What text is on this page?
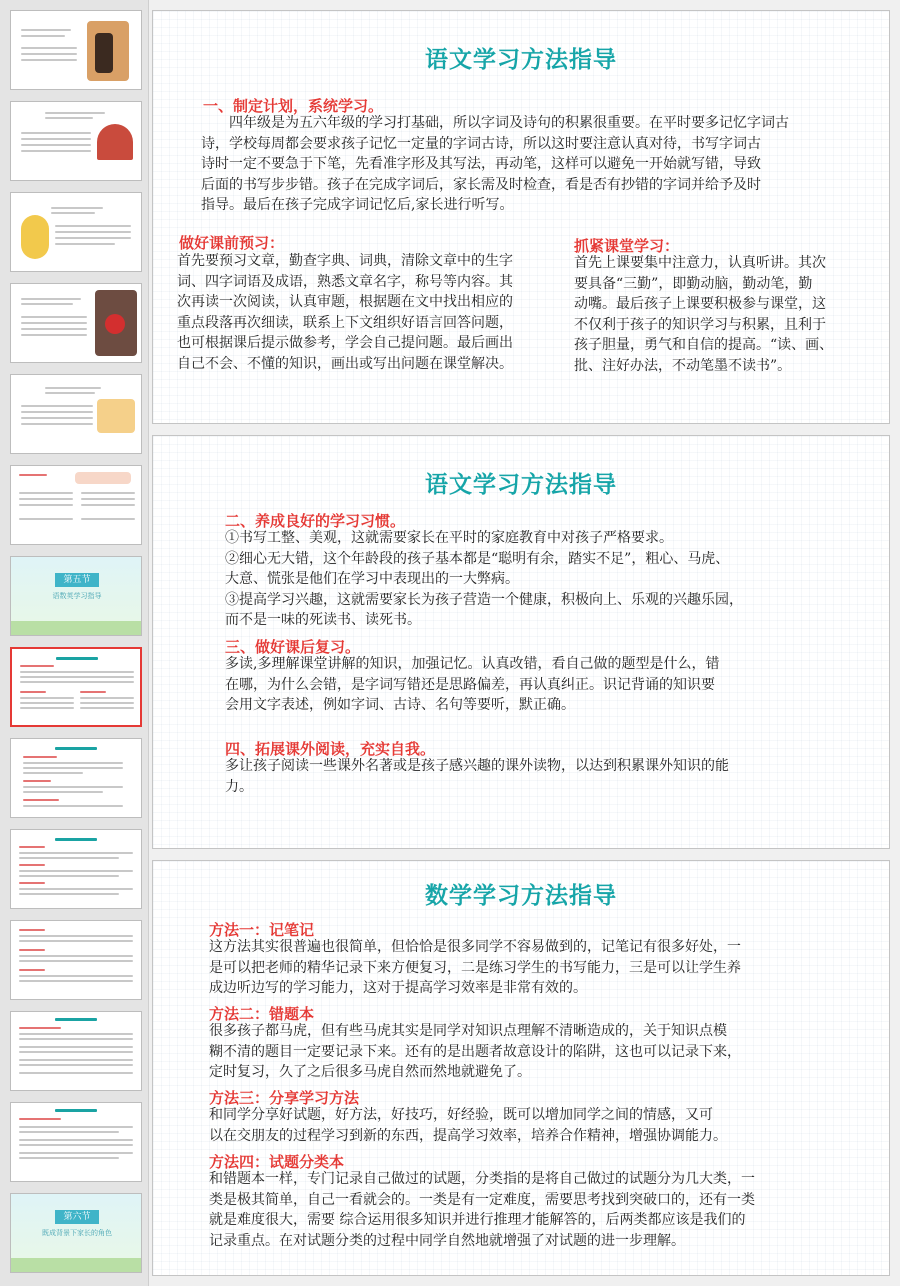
第五节
语数英学习指导
第六节
既成背景下家长的角色
语文学习方法指导
一、制定计划，系统学习。
四年级是为五六年级的学习打基础，所以字词及诗句的积累很重要。在平时要多记忆字词古
诗，学校每周都会要求孩子记忆一定量的字词古诗，所以这时要注意认真对待，书写字词古
诗时一定不要急于下笔，先看准字形及其写法，再动笔，这样可以避免一开始就写错，导致
后面的书写步步错。孩子在完成字词后，家长需及时检查，看是否有抄错的字词并给予及时
指导。最后在孩子完成字词记忆后,家长进行听写。
做好课前预习：
首先要预习文章，勤查字典、词典，清除文章中的生字
词、四字词语及成语，熟悉文章名字，称号等内容。其
次再读一次阅读，认真审题，根据题在文中找出相应的
重点段落再次细读，联系上下文组织好语言回答问题，
也可根据课后提示做参考，学会自己提问题。最后画出
自己不会、不懂的知识，画出或写出问题在课堂解决。
抓紧课堂学习：
首先上课要集中注意力，认真听讲。其次
要具备“三勤”，即勤动脑，勤动笔，勤
动嘴。最后孩子上课要积极参与课堂，这
不仅利于孩子的知识学习与积累，且利于
孩子胆量，勇气和自信的提高。“读、画、
批、注好办法，不动笔墨不读书”。
语文学习方法指导
二、养成良好的学习习惯。
①书写工整、美观，这就需要家长在平时的家庭教育中对孩子严格要求。
②细心无大错，这个年龄段的孩子基本都是“聪明有余，踏实不足”，粗心、马虎、
大意、慌张是他们在学习中表现出的一大弊病。
③提高学习兴趣，这就需要家长为孩子营造一个健康，积极向上、乐观的兴趣乐园，
而不是一味的死读书、读死书。
三、做好课后复习。
多读,多理解课堂讲解的知识，加强记忆。认真改错，看自己做的题型是什么，错
在哪，为什么会错，是字词写错还是思路偏差，再认真纠正。识记背诵的知识要
会用文字表述，例如字词、古诗、名句等要听，默正确。
四、拓展课外阅读，充实自我。
多让孩子阅读一些课外名著或是孩子感兴趣的课外读物，以达到积累课外知识的能
力。
数学学习方法指导
方法一：记笔记
这方法其实很普遍也很简单，但恰恰是很多同学不容易做到的，记笔记有很多好处，一
是可以把老师的精华记录下来方便复习，二是练习学生的书写能力，三是可以让学生养
成边听边写的学习能力，这对于提高学习效率是非常有效的。
方法二：错题本
很多孩子都马虎，但有些马虎其实是同学对知识点理解不清晰造成的，关于知识点模
糊不清的题目一定要记录下来。还有的是出题者故意设计的陷阱，这也可以记录下来，
定时复习，久了之后很多马虎自然而然地就避免了。
方法三：分享学习方法
和同学分享好试题，好方法，好技巧，好经验，既可以增加同学之间的情感，又可
以在交朋友的过程学习到新的东西，提高学习效率，培养合作精神，增强协调能力。
方法四：试题分类本
和错题本一样，专门记录自己做过的试题，分类指的是将自己做过的试题分为几大类，一
类是极其简单，自己一看就会的。一类是有一定难度，需要思考找到突破口的，还有一类
就是难度很大，需要 综合运用很多知识并进行推理才能解答的，后两类都应该是我们的
记录重点。在对试题分类的过程中同学自然地就增强了对试题的进一步理解。
